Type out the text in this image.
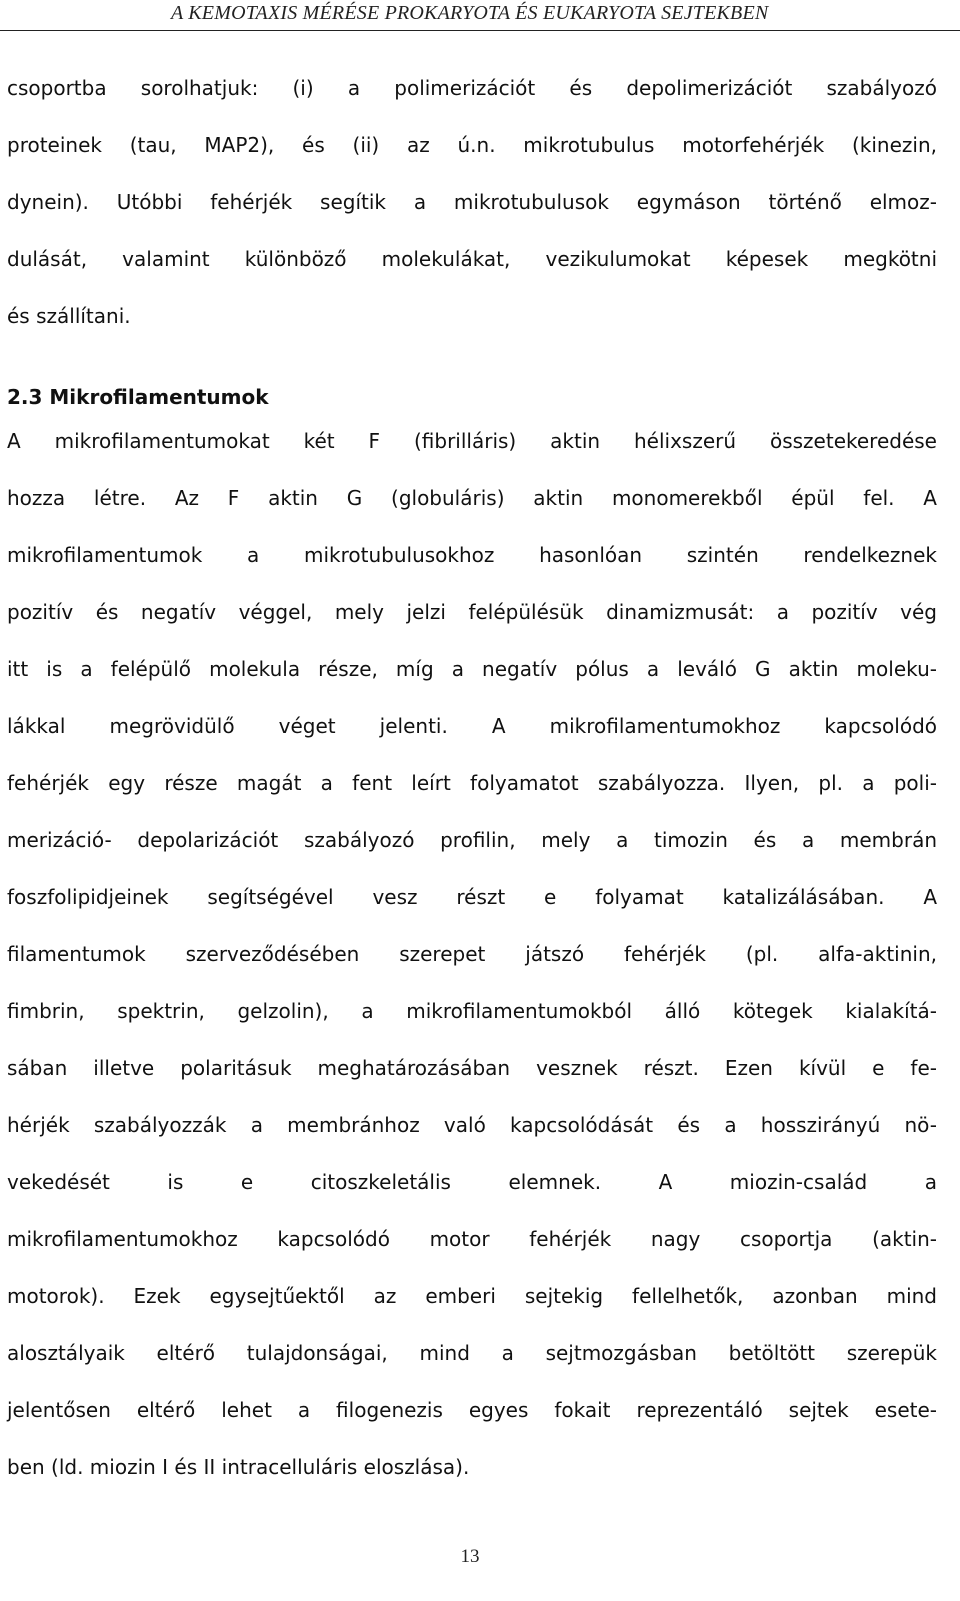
A KEMOTAXIS MÉRÉSE PROKARYOTA ÉS EUKARYOTA SEJTEKBEN
csoportba sorolhatjuk: (i) a polimerizációt és depolimerizációt szabályozó
proteinek (tau, MAP2), és (ii) az ú.n. mikrotubulus motorfehérjék (kinezin,
dynein). Utóbbi fehérjék segítik a mikrotubulusok egymáson történő elmoz-
dulását, valamint különböző molekulákat, vezikulumokat képesek megkötni
és szállítani.
2.3 Mikrofilamentumok
A mikrofilamentumokat két F (fibrilláris) aktin hélixszerű összetekeredése
hozza létre. Az F aktin G (globuláris) aktin monomerekből épül fel. A
mikrofilamentumok a mikrotubulusokhoz hasonlóan szintén rendelkeznek
pozitív és negatív véggel, mely jelzi felépülésük dinamizmusát: a pozitív vég
itt is a felépülő molekula része, míg a negatív pólus a leváló G aktin moleku-
lákkal megrövidülő véget jelenti. A mikrofilamentumokhoz kapcsolódó
fehérjék egy része magát a fent leírt folyamatot szabályozza. Ilyen, pl. a poli-
merizáció- depolarizációt szabályozó profilin, mely a timozin és a membrán
foszfolipidjeinek segítségével vesz részt e folyamat katalizálásában. A
filamentumok szerveződésében szerepet játszó fehérjék (pl. alfa-aktinin,
fimbrin, spektrin, gelzolin), a mikrofilamentumokból álló kötegek kialakítá-
sában illetve polaritásuk meghatározásában vesznek részt. Ezen kívül e fe-
hérjék szabályozzák a membránhoz való kapcsolódását és a hosszirányú nö-
vekedését is e citoszkeletális elemnek. A miozin-család a
mikrofilamentumokhoz kapcsolódó motor fehérjék nagy csoportja (aktin-
motorok). Ezek egysejtűektől az emberi sejtekig fellelhetők, azonban mind
alosztályaik eltérő tulajdonságai, mind a sejtmozgásban betöltött szerepük
jelentősen eltérő lehet a filogenezis egyes fokait reprezentáló sejtek esete-
ben (ld. miozin I és II intracelluláris eloszlása).
13
